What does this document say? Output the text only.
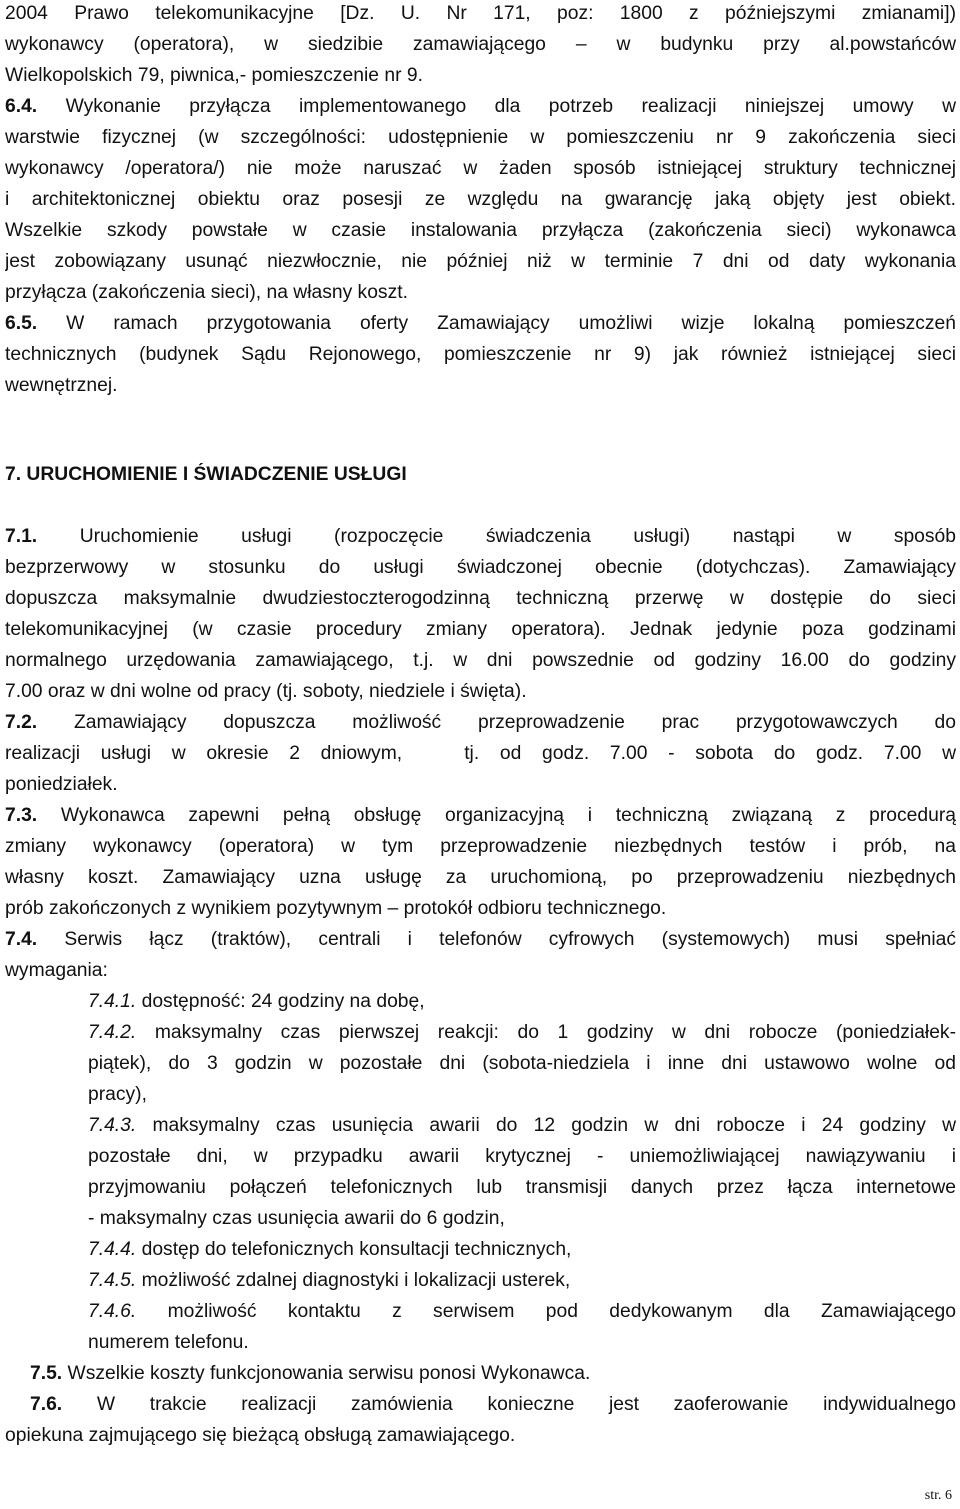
2004 Prawo telekomunikacyjne [Dz. U. Nr 171, poz: 1800 z późniejszymi zmianami])
wykonawcy (operatora), w siedzibie zamawiającego – w budynku przy al.powstańców
Wielkopolskich 79, piwnica,- pomieszczenie nr 9.
6.4. Wykonanie przyłącza implementowanego dla potrzeb realizacji niniejszej umowy w
warstwie fizycznej (w szczególności: udostępnienie w pomieszczeniu nr 9 zakończenia sieci
wykonawcy /operatora/) nie może naruszać w żaden sposób istniejącej struktury technicznej
i architektonicznej obiektu oraz posesji ze względu na gwarancję jaką objęty jest obiekt.
Wszelkie szkody powstałe w czasie instalowania przyłącza (zakończenia sieci) wykonawca
jest zobowiązany usunąć niezwłocznie, nie później niż w terminie 7 dni od daty wykonania
przyłącza (zakończenia sieci), na własny koszt.
6.5. W ramach przygotowania oferty Zamawiający umożliwi wizje lokalną pomieszczeń
technicznych (budynek Sądu Rejonowego, pomieszczenie nr 9) jak również istniejącej sieci
wewnętrznej.
7. URUCHOMIENIE I ŚWIADCZENIE USŁUGI
7.1. Uruchomienie usługi (rozpoczęcie świadczenia usługi) nastąpi w sposób
bezprzerwowy w stosunku do usługi świadczonej obecnie (dotychczas). Zamawiający
dopuszcza maksymalnie dwudziestoczterogodzinną techniczną przerwę w dostępie do sieci
telekomunikacyjnej (w czasie procedury zmiany operatora). Jednak jedynie poza godzinami
normalnego urzędowania zamawiającego, t.j. w dni powszednie od godziny 16.00 do godziny
7.00 oraz w dni wolne od pracy (tj. soboty, niedziele i święta).
7.2. Zamawiający dopuszcza możliwość przeprowadzenie prac przygotowawczych do
realizacji usługi w okresie 2 dniowym,   tj. od godz. 7.00 - sobota do godz. 7.00 w
poniedziałek.
7.3. Wykonawca zapewni pełną obsługę organizacyjną i techniczną związaną z procedurą
zmiany wykonawcy (operatora) w tym przeprowadzenie niezbędnych testów i prób, na
własny koszt. Zamawiający uzna usługę za uruchomioną, po przeprowadzeniu niezbędnych
prób zakończonych z wynikiem pozytywnym – protokół odbioru technicznego.
7.4. Serwis łącz (traktów), centrali i telefonów cyfrowych (systemowych) musi spełniać
wymagania:
7.4.1. dostępność: 24 godziny na dobę,
7.4.2. maksymalny czas pierwszej reakcji: do 1 godziny w dni robocze (poniedziałek-
piątek), do 3 godzin w pozostałe dni (sobota-niedziela i inne dni ustawowo wolne od
pracy),
7.4.3. maksymalny czas usunięcia awarii do 12 godzin w dni robocze i 24 godziny w
pozostałe dni, w przypadku awarii krytycznej - uniemożliwiającej nawiązywaniu i
przyjmowaniu połączeń telefonicznych lub transmisji danych przez łącza internetowe
- maksymalny czas usunięcia awarii do 6 godzin,
7.4.4. dostęp do telefonicznych konsultacji technicznych,
7.4.5. możliwość zdalnej diagnostyki i lokalizacji usterek,
7.4.6. możliwość kontaktu z serwisem pod dedykowanym dla Zamawiającego
numerem telefonu.
7.5. Wszelkie koszty funkcjonowania serwisu ponosi Wykonawca.
7.6. W trakcie realizacji zamówienia konieczne jest zaoferowanie indywidualnego
opiekuna zajmującego się bieżącą obsługą zamawiającego.
str. 6
